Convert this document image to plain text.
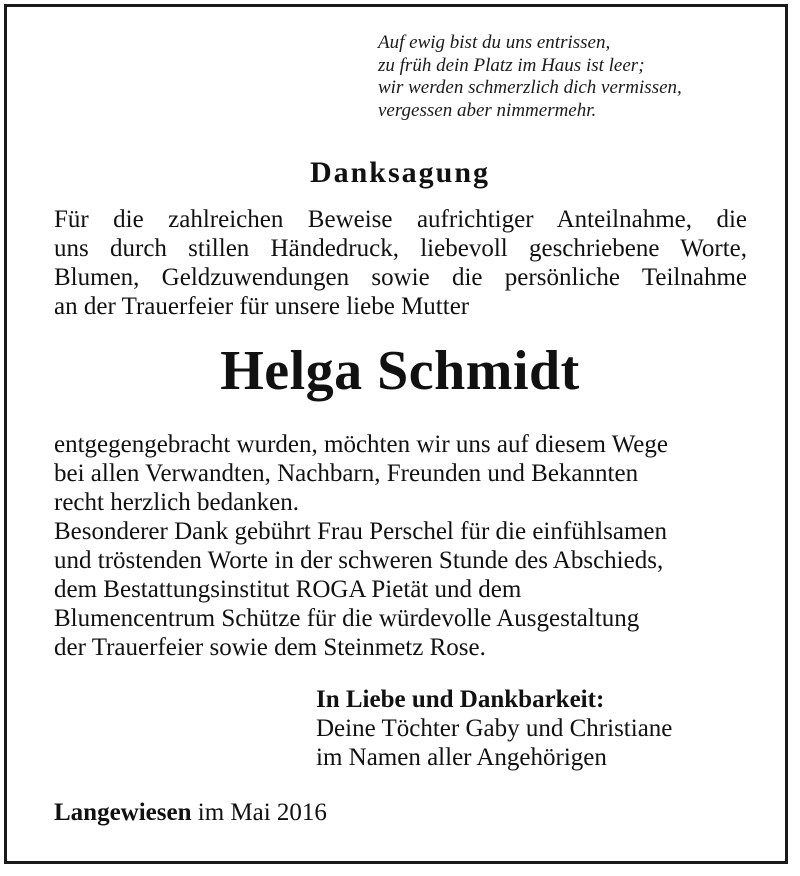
Auf ewig bist du uns entrissen,
zu früh dein Platz im Haus ist leer;
wir werden schmerzlich dich vermissen,
vergessen aber nimmermehr.
Danksagung
Für die zahlreichen Beweise aufrichtiger Anteilnahme, die
uns durch stillen Händedruck, liebevoll geschriebene Worte,
Blumen, Geldzuwendungen sowie die persönliche Teilnahme
an der Trauerfeier für unsere liebe Mutter
Helga Schmidt
entgegengebracht wurden, möchten wir uns auf diesem Wege
bei allen Verwandten, Nachbarn, Freunden und Bekannten
recht herzlich bedanken.
Besonderer Dank gebührt Frau Perschel für die einfühlsamen
und tröstenden Worte in der schweren Stunde des Abschieds,
dem Bestattungsinstitut ROGA Pietät und dem
Blumencentrum Schütze für die würdevolle Ausgestaltung
der Trauerfeier sowie dem Steinmetz Rose.
In Liebe und Dankbarkeit:
Deine Töchter Gaby und Christiane
im Namen aller Angehörigen
Langewiesen im Mai 2016
